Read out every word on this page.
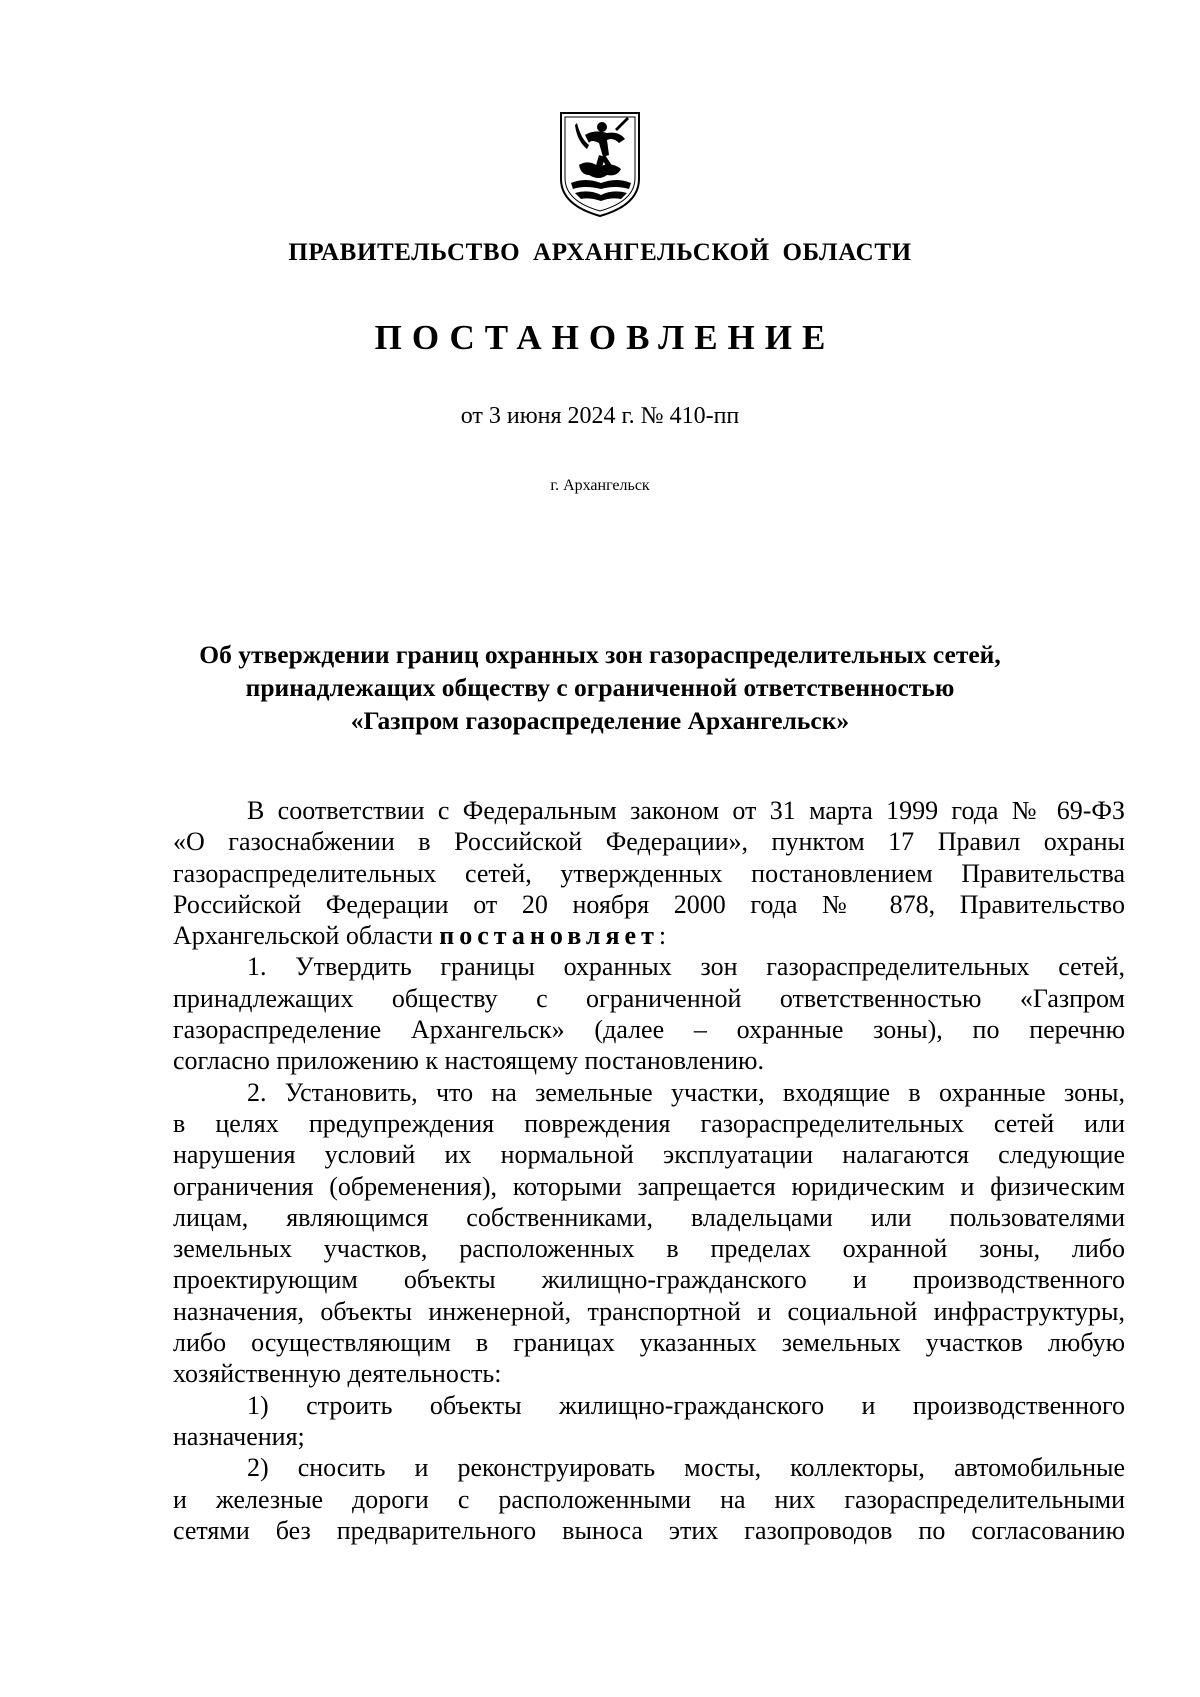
ПРАВИТЕЛЬСТВО АРХАНГЕЛЬСКОЙ ОБЛАСТИ
ПОСТАНОВЛЕНИЕ
от 3 июня 2024 г. № 410-пп
г. Архангельск
Об утверждении границ охранных зон газораспределительных сетей,
принадлежащих обществу с ограниченной ответственностью
«Газпром газораспределение Архангельск»

В соответствии с Федеральным законом от 31 марта 1999 года № 69-ФЗ
«О газоснабжении в Российской Федерации», пунктом 17 Правил охраны
газораспределительных сетей, утвержденных постановлением Правительства
Российской Федерации от 20 ноября 2000 года № 878, Правительство
Архангельской области постановляет:

1. Утвердить границы охранных зон газораспределительных сетей,
принадлежащих обществу с ограниченной ответственностью «Газпром
газораспределение Архангельск» (далее – охранные зоны), по перечню
согласно приложению к настоящему постановлению.

2. Установить, что на земельные участки, входящие в охранные зоны,
в целях предупреждения повреждения газораспределительных сетей или
нарушения условий их нормальной эксплуатации налагаются следующие
ограничения (обременения), которыми запрещается юридическим и физическим
лицам, являющимся собственниками, владельцами или пользователями
земельных участков, расположенных в пределах охранной зоны, либо
проектирующим объекты жилищно-гражданского и производственного
назначения, объекты инженерной, транспортной и социальной инфраструктуры,
либо осуществляющим в границах указанных земельных участков любую
хозяйственную деятельность:

1) строить объекты жилищно-гражданского и производственного
назначения;

2) сносить и реконструировать мосты, коллекторы, автомобильные
и железные дороги с расположенными на них газораспределительными
сетями без предварительного выноса этих газопроводов по согласованию
